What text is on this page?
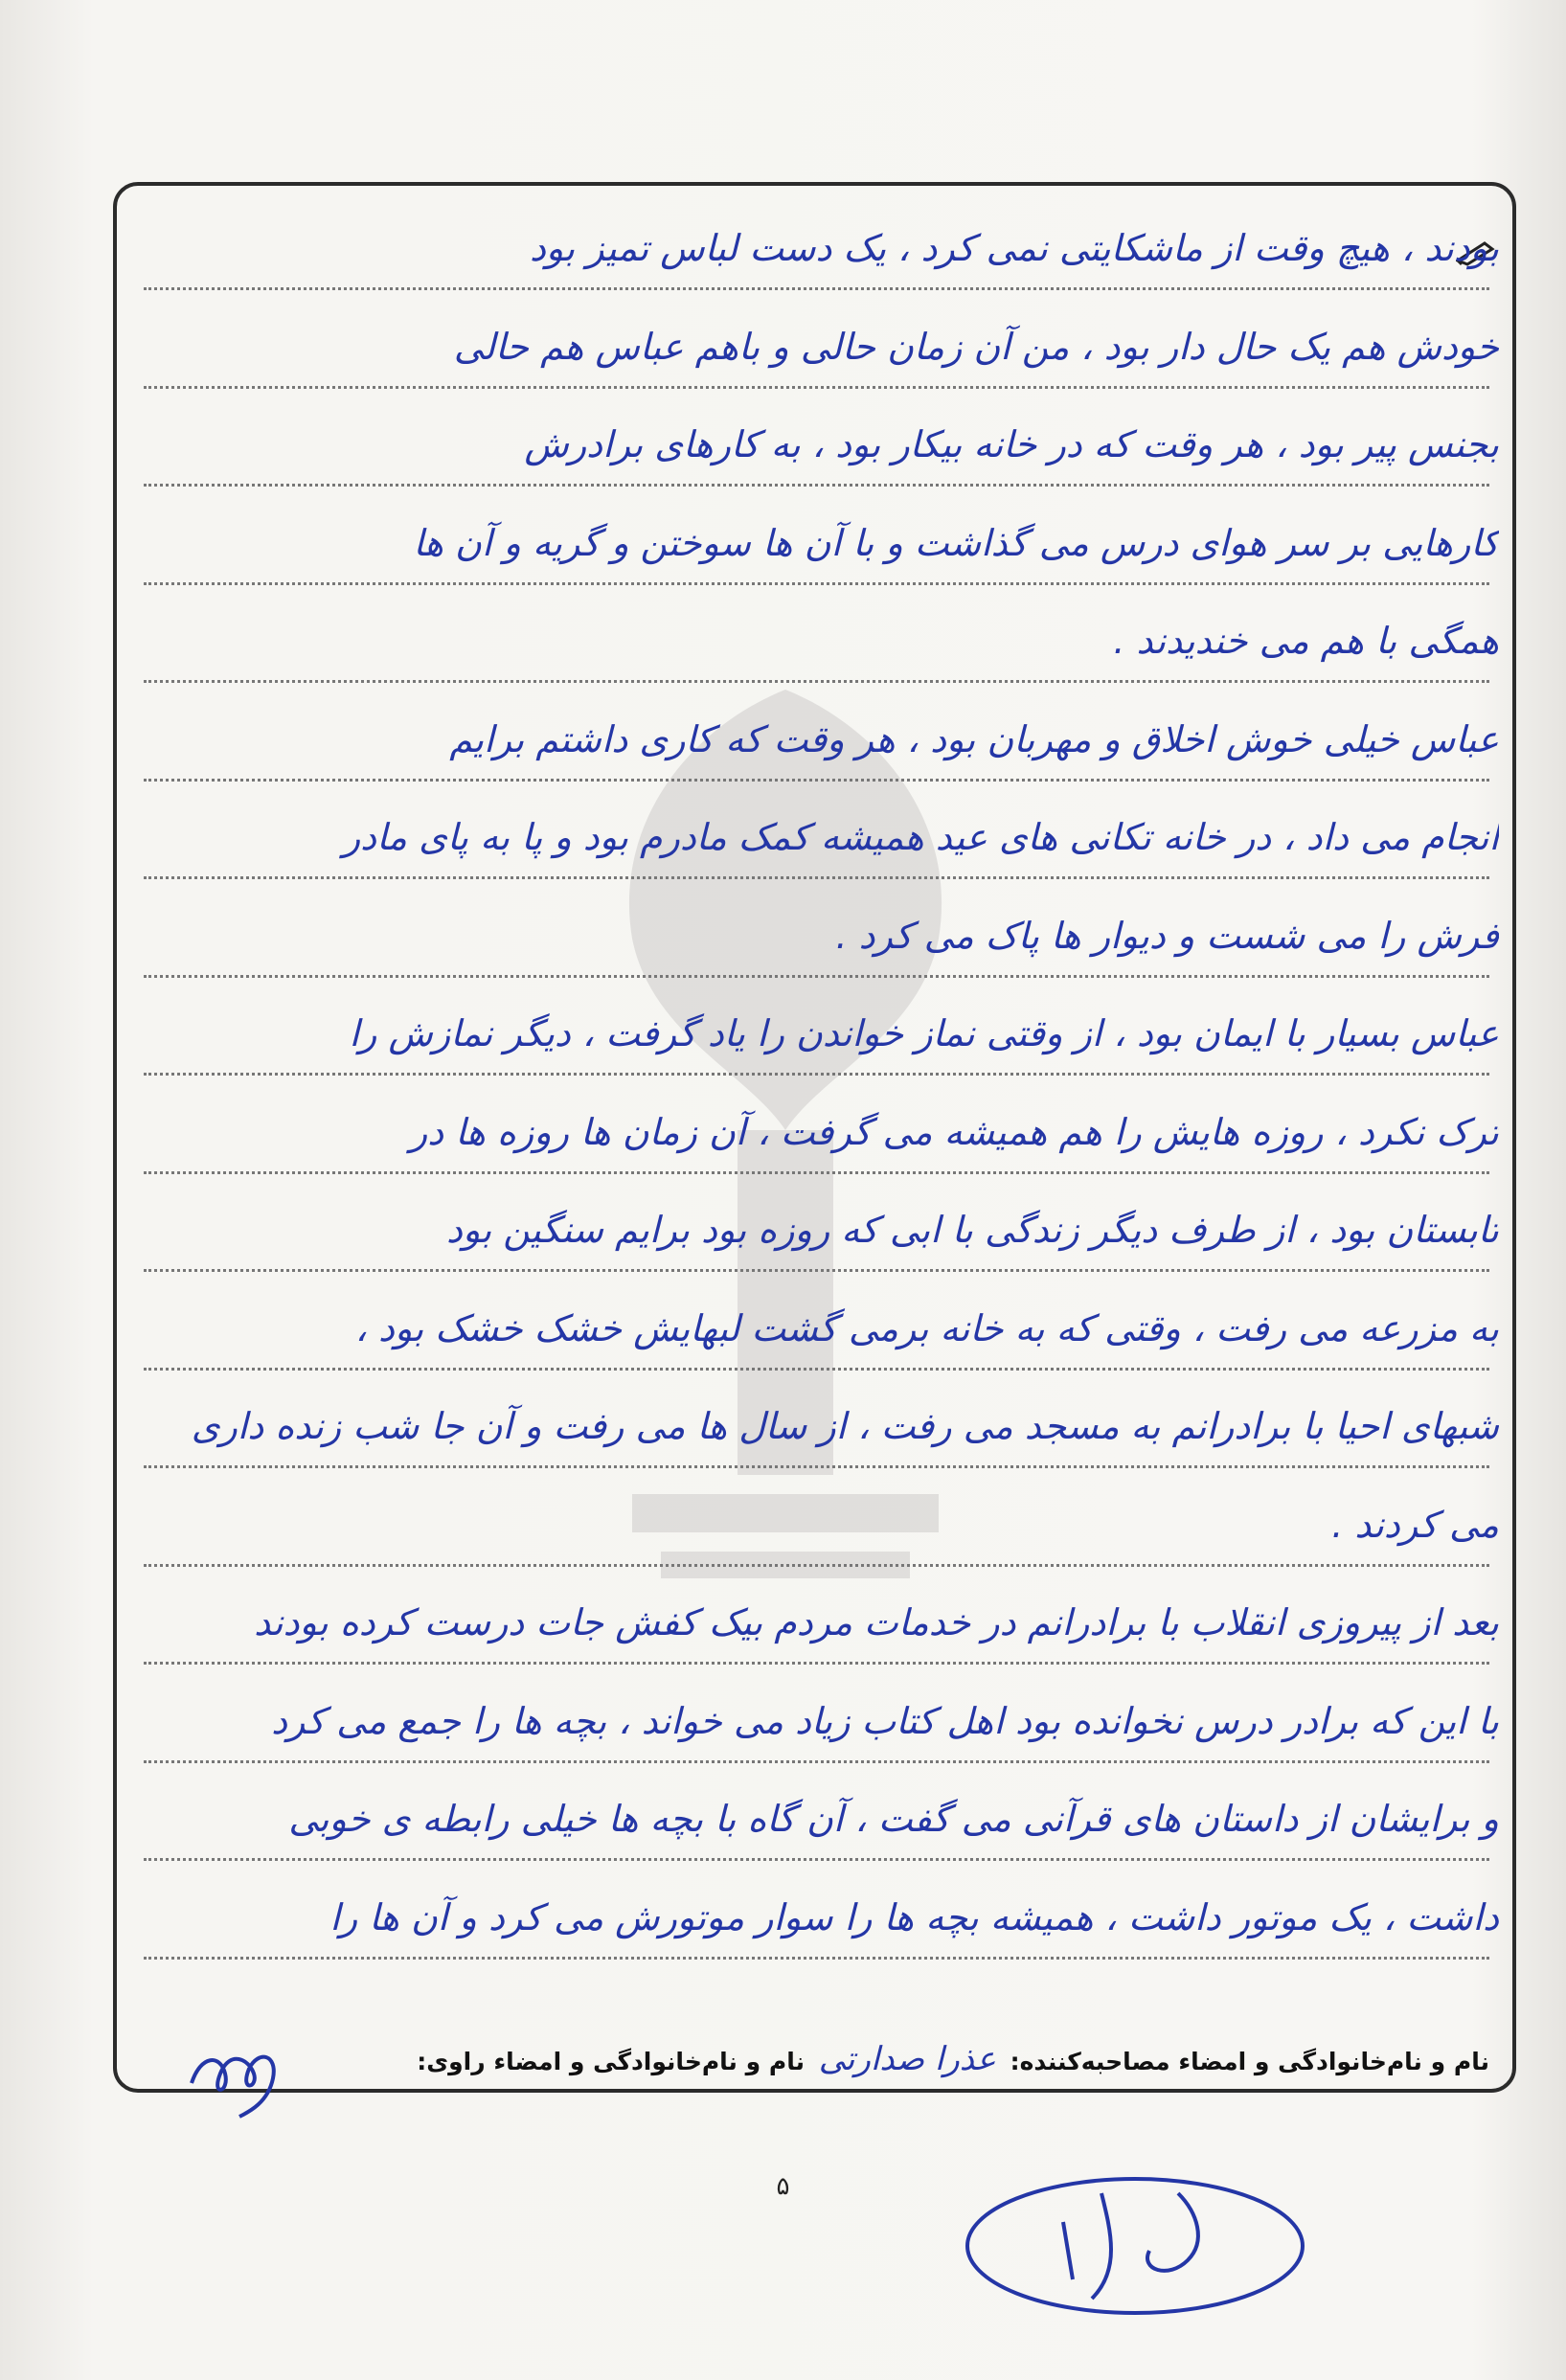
بودند ، هیچ وقت از ماشکایتی نمی کرد ، یک دست لباس تمیز بود
خودش هم یک حال دار بود ، من آن زمان حالی و باهم عباس هم حالی
بجنس پیر بود ، هر وقت که در خانه بیکار بود ، به کارهای برادرش
کارهایی بر سر هوای درس می گذاشت و با آن ها سوختن و گریه و آن ها
همگی با هم می خندیدند .
عباس خیلی خوش اخلاق و مهربان بود ، هر وقت که کاری داشتم برایم
انجام می داد ، در خانه تکانی های عید همیشه کمک مادرم بود و پا به پای مادر
فرش را می شست و دیوار ها پاک می کرد .
عباس بسیار با ایمان بود ، از وقتی نماز خواندن را یاد گرفت ، دیگر نمازش را
ترک نکرد ، روزه هایش را هم همیشه می گرفت ، آن زمان ها روزه ها در
تابستان بود ، از طرف دیگر زندگی با ابی که روزه بود برایم سنگین بود
به مزرعه می رفت ، وقتی که به خانه برمی گشت لبهایش خشک خشک بود ،
شبهای احیا با برادرانم به مسجد می رفت ، از سال ها می رفت و آن جا شب زنده داری
می کردند .
بعد از پیروزی انقلاب با برادرانم در خدمات مردم بیک کفش جات درست کرده بودند
با این که برادر درس نخوانده بود اهل کتاب زیاد می خواند ، بچه ها را جمع می کرد
و برایشان از داستان های قرآنی می گفت ، آن گاه با بچه ها خیلی رابطه ی خوبی
داشت ، یک موتور داشت ، همیشه بچه ها را سوار موتورش می کرد و آن ها را
نام و نام‌خانوادگی و امضاء مصاحبه‌کننده: عذرا صدارتی نام و نام‌خانوادگی و امضاء راوی:
۵
